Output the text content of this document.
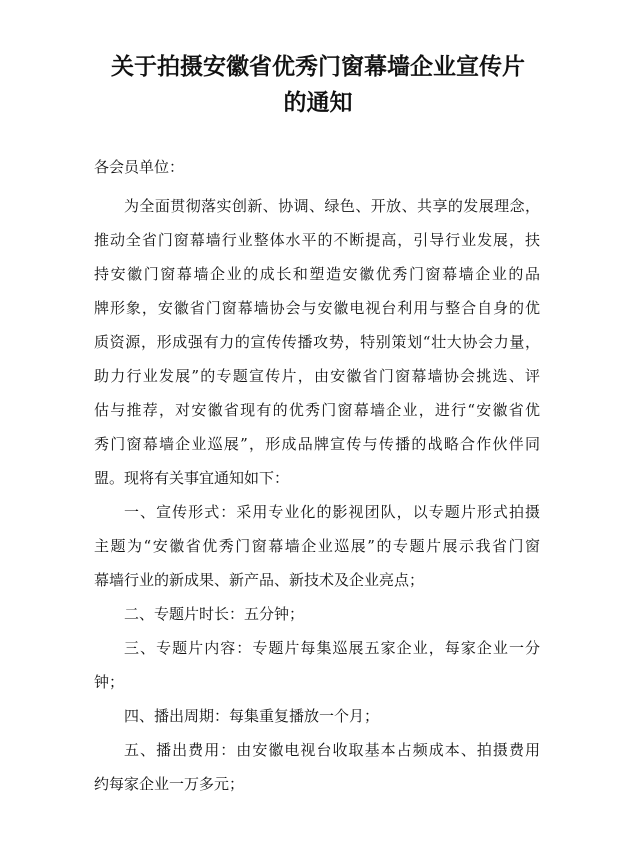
关于拍摄安徽省优秀门窗幕墙企业宣传片
的通知

各会员单位：

为全面贯彻落实创新、协调、绿色、开放、共享的发展理念，

推动全省门窗幕墙行业整体水平的不断提高，引导行业发展，扶

持安徽门窗幕墙企业的成长和塑造安徽优秀门窗幕墙企业的品

牌形象，安徽省门窗幕墙协会与安徽电视台利用与整合自身的优

质资源，形成强有力的宣传传播攻势，特别策划“壮大协会力量，

助力行业发展”的专题宣传片，由安徽省门窗幕墙协会挑选、评

估与推荐，对安徽省现有的优秀门窗幕墙企业，进行“安徽省优

秀门窗幕墙企业巡展”，形成品牌宣传与传播的战略合作伙伴同

盟。现将有关事宜通知如下：

一、宣传形式：采用专业化的影视团队，以专题片形式拍摄

主题为“安徽省优秀门窗幕墙企业巡展”的专题片展示我省门窗

幕墙行业的新成果、新产品、新技术及企业亮点；

二、专题片时长：五分钟；

三、专题片内容：专题片每集巡展五家企业，每家企业一分

钟；

四、播出周期：每集重复播放一个月；

五、播出费用：由安徽电视台收取基本占频成本、拍摄费用

约每家企业一万多元；
